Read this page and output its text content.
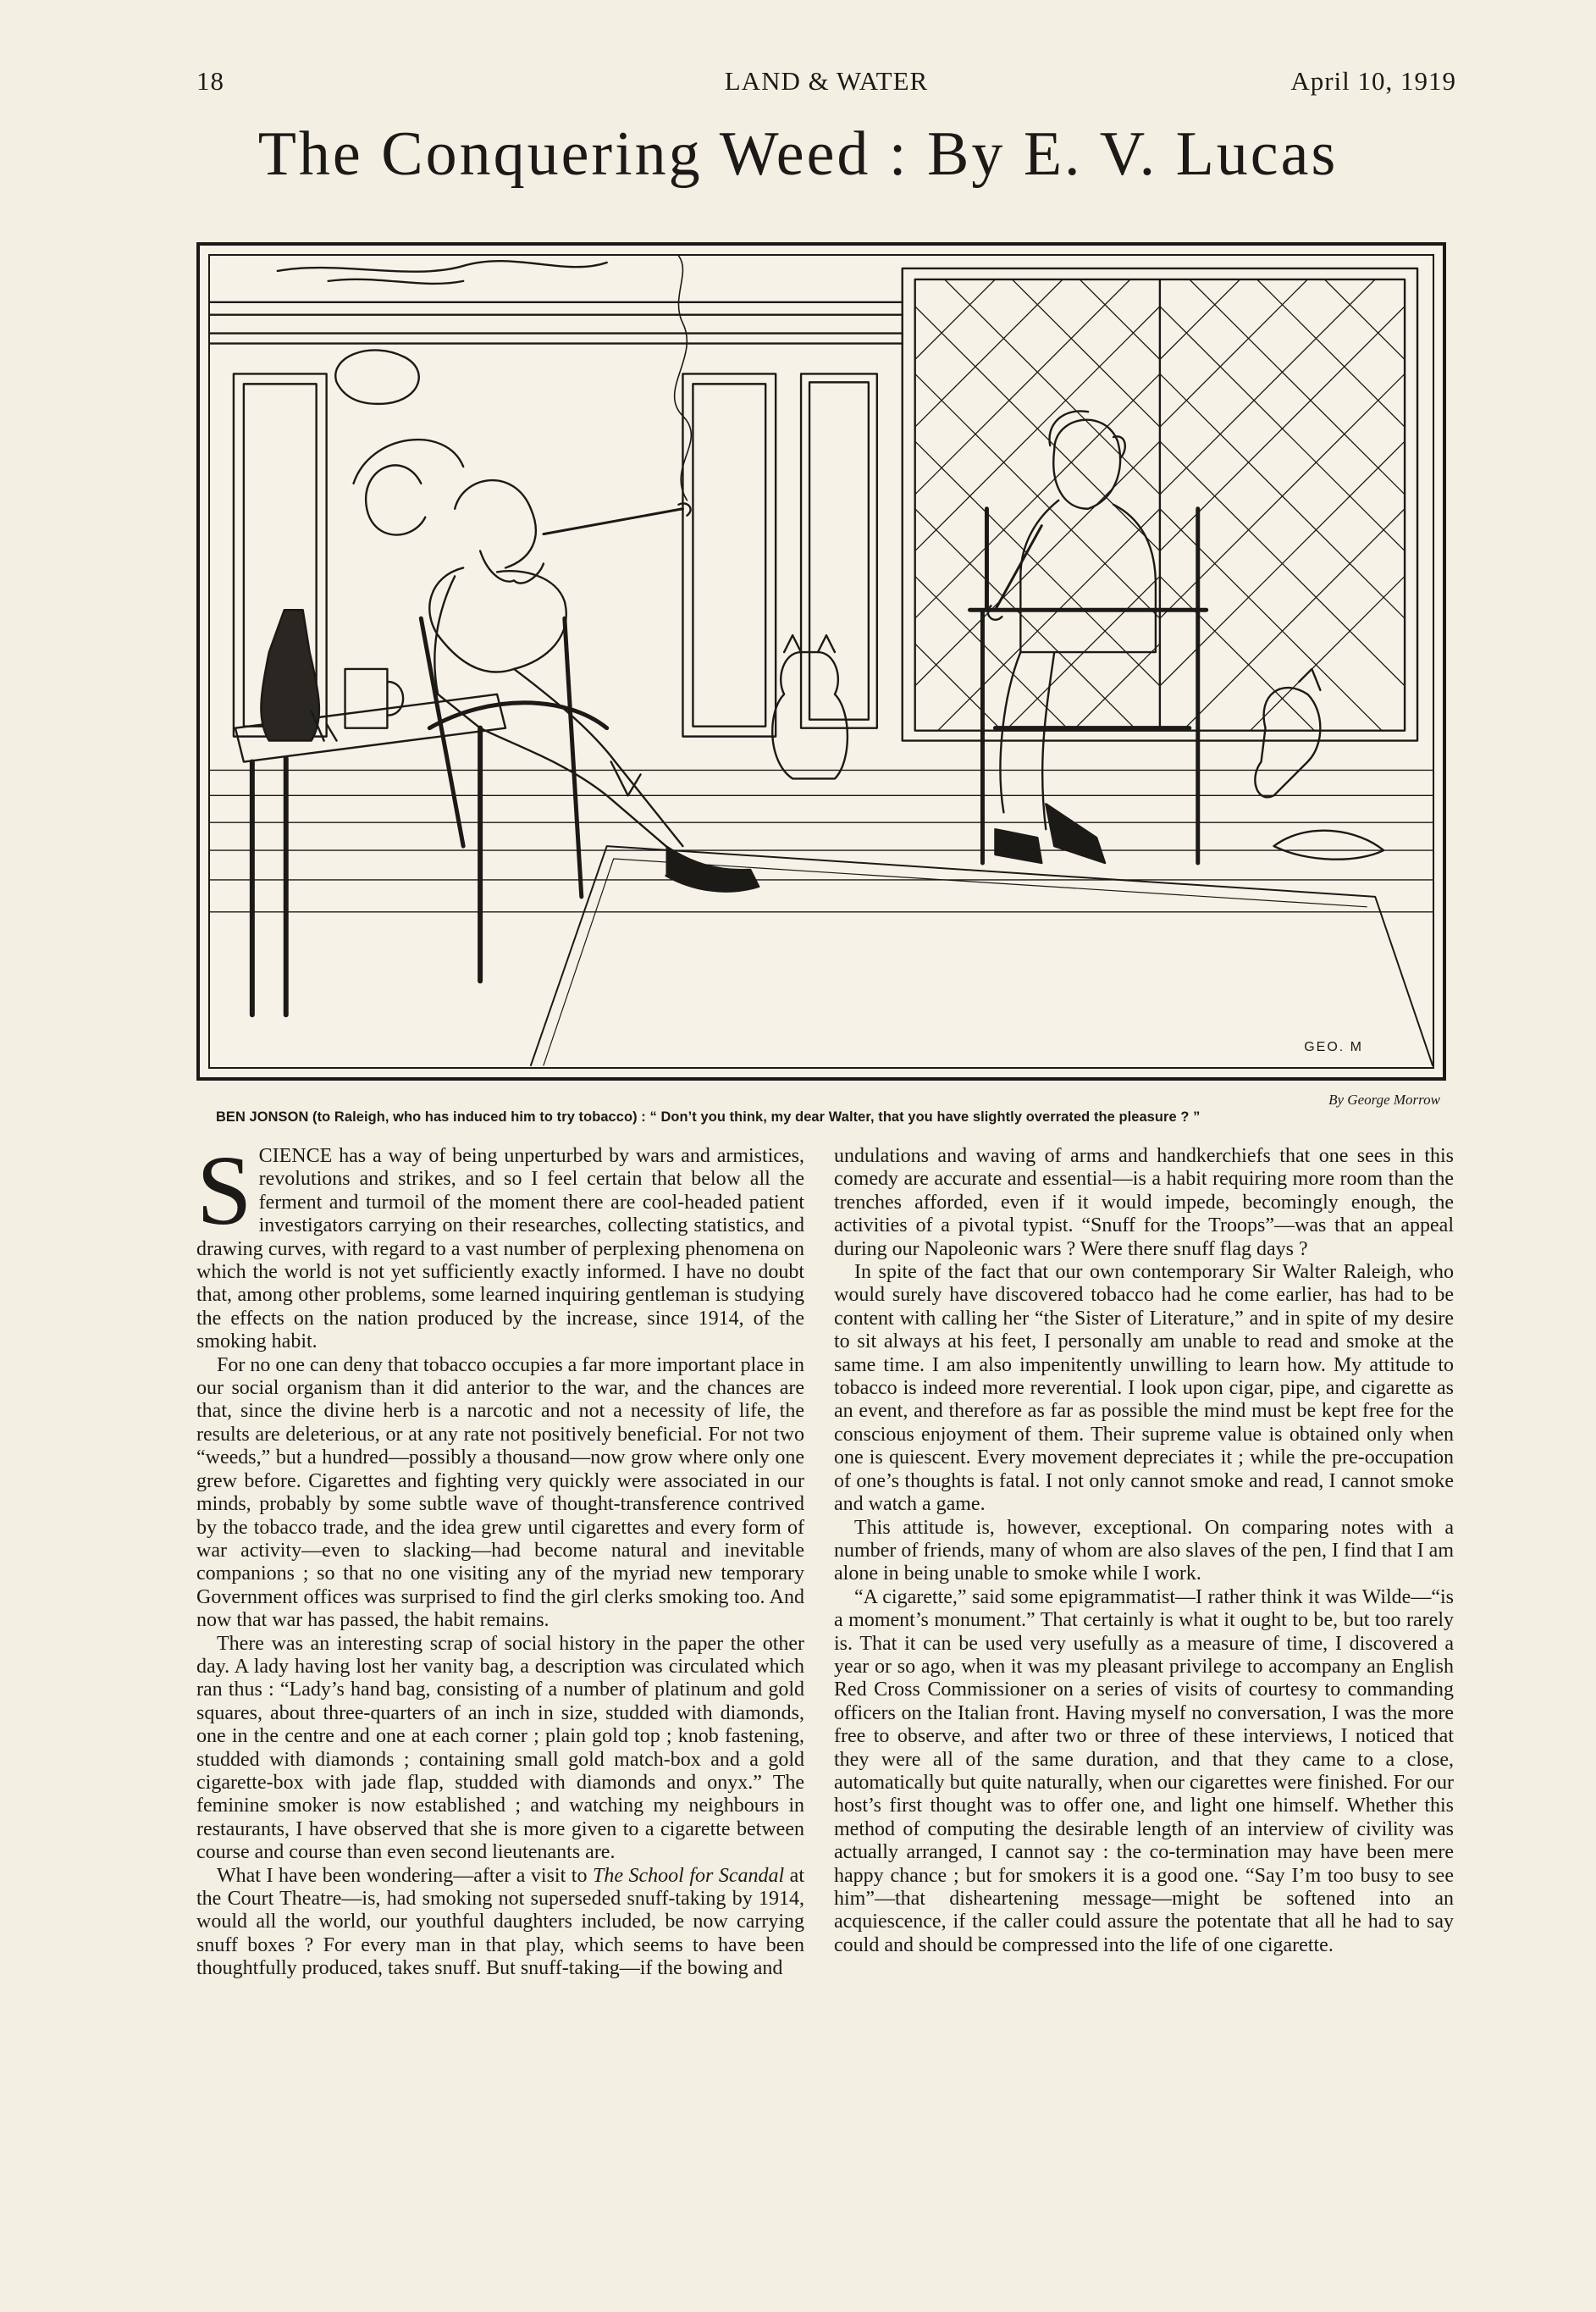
18	LAND & WATER	April 10, 1919
The Conquering Weed : By E. V. Lucas
GEO. M
By George Morrow
BEN JONSON (to Raleigh, who has induced him to try tobacco) : “ Don’t you think, my dear Walter, that you have slightly overrated the pleasure ? ”

SCIENCE has a way of being unperturbed by wars and armistices, revolutions and strikes, and so I feel certain that below all the ferment and turmoil of the moment there are cool-headed patient investigators carrying on their researches, collecting statistics, and drawing curves, with regard to a vast number of perplexing phenomena on which the world is not yet sufficiently exactly informed. I have no doubt that, among other problems, some learned inquiring gentleman is studying the effects on the nation produced by the increase, since 1914, of the smoking habit.

For no one can deny that tobacco occupies a far more important place in our social organism than it did anterior to the war, and the chances are that, since the divine herb is a narcotic and not a necessity of life, the results are deleterious, or at any rate not positively beneficial. For not two “weeds,” but a hundred—possibly a thousand—now grow where only one grew before. Cigarettes and fighting very quickly were associated in our minds, probably by some subtle wave of thought-transference contrived by the tobacco trade, and the idea grew until cigarettes and every form of war activity—even to slacking—had become natural and inevitable companions ; so that no one visiting any of the myriad new temporary Government offices was surprised to find the girl clerks smoking too. And now that war has passed, the habit remains.

There was an interesting scrap of social history in the paper the other day. A lady having lost her vanity bag, a description was circulated which ran thus : “Lady’s hand bag, consisting of a number of platinum and gold squares, about three-quarters of an inch in size, studded with diamonds, one in the centre and one at each corner ; plain gold top ; knob fastening, studded with diamonds ; containing small gold match-box and a gold cigarette-box with jade flap, studded with diamonds and onyx.” The feminine smoker is now established ; and watching my neighbours in restaurants, I have observed that she is more given to a cigarette between course and course than even second lieutenants are.

What I have been wondering—after a visit to The School for Scandal at the Court Theatre—is, had smoking not superseded snuff-taking by 1914, would all the world, our youthful daughters included, be now carrying snuff boxes ? For every man in that play, which seems to have been thoughtfully produced, takes snuff. But snuff-taking—if the bowing and

undulations and waving of arms and handkerchiefs that one sees in this comedy are accurate and essential—is a habit requiring more room than the trenches afforded, even if it would impede, becomingly enough, the activities of a pivotal typist. “Snuff for the Troops”—was that an appeal during our Napoleonic wars ? Were there snuff flag days ?

In spite of the fact that our own contemporary Sir Walter Raleigh, who would surely have discovered tobacco had he come earlier, has had to be content with calling her “the Sister of Literature,” and in spite of my desire to sit always at his feet, I personally am unable to read and smoke at the same time. I am also impenitently unwilling to learn how. My attitude to tobacco is indeed more reverential. I look upon cigar, pipe, and cigarette as an event, and therefore as far as possible the mind must be kept free for the conscious enjoyment of them. Their supreme value is obtained only when one is quiescent. Every movement depreciates it ; while the pre-occupation of one’s thoughts is fatal. I not only cannot smoke and read, I cannot smoke and watch a game.

This attitude is, however, exceptional. On comparing notes with a number of friends, many of whom are also slaves of the pen, I find that I am alone in being unable to smoke while I work.

“A cigarette,” said some epigrammatist—I rather think it was Wilde—“is a moment’s monument.” That certainly is what it ought to be, but too rarely is. That it can be used very usefully as a measure of time, I discovered a year or so ago, when it was my pleasant privilege to accompany an English Red Cross Commissioner on a series of visits of courtesy to commanding officers on the Italian front. Having myself no conversation, I was the more free to observe, and after two or three of these interviews, I noticed that they were all of the same duration, and that they came to a close, automatically but quite naturally, when our cigarettes were finished. For our host’s first thought was to offer one, and light one himself. Whether this method of computing the desirable length of an interview of civility was actually arranged, I cannot say : the co-termination may have been mere happy chance ; but for smokers it is a good one. “Say I’m too busy to see him”—that disheartening message—might be softened into an acquiescence, if the caller could assure the potentate that all he had to say could and should be compressed into the life of one cigarette.
